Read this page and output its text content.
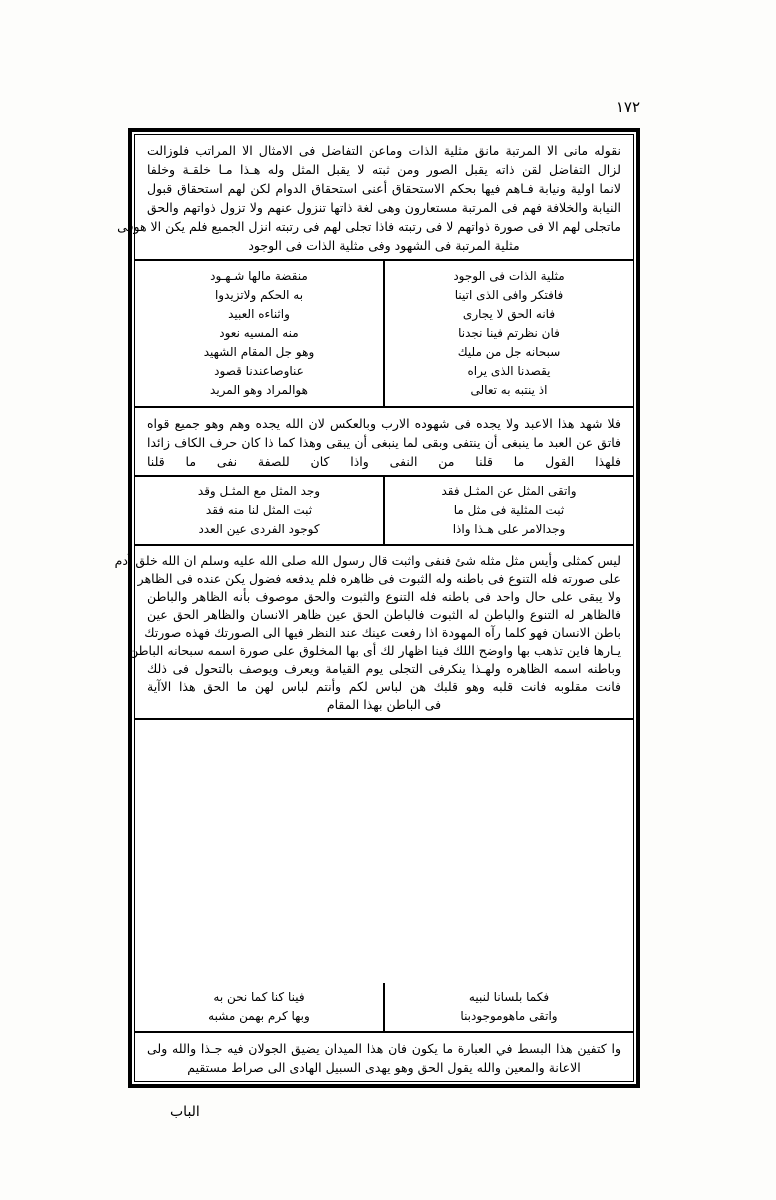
١٧٢
نقوله مانى الا المرتبة مانق مثلية الذات وماعن التفاضل فى الامثال الا المراتب فلوزالت
لزال التفاضل لقن ذاته يقبل الصور ومن ثبته لا يقبل المثل وله هـذا مـا خلقـة وخلفا
لانما اولية ونيابة فـاهم فيها بحكم الاستحقاق أعنى استحقاق الدوام لكن لهم استحقاق قبول
النيابة والخلافة فهم فى المرتبة مستعارون وهى لغة ذاتها تنزول عنهم ولا تزول ذواتهم والحق
ماتجلى لهم الا فى صورة ذواتهم لا فى رتبته فاذا تجلى لهم فى رتبته انزل الجميع فلم يكن الا هوفى
مثلية المرتبة فى الشهود وفى مثلية الذات فى الوجود
مثلية الذات فى الوجود
فافتكر وافى الذى اتينا
فانه الحق لا يجارى
فان نظرتم فينا نجدنا
سبحانه جل من مليك
يقصدنا الذى يراه
اذ ينتبه به تعالى
منقضة مالها شـهـود
به الحكم ولاتزيدوا
واثناءه العبيد
منه المسيه نعود
وهو جل المقام الشهيد
عناوصاعندنا قصود
هوالمراد وهو المريد
فلا شهد هذا الاعبد ولا يجده فى شهوده الارب وبالعكس لان الله يجده وهم وهو جميع قواه
فاتق عن العبد ما ينبغى أن ينتفى وبقى لما ينبغى أن يبقى وهذا كما ذا كان حرف الكاف زائدا
فلهذا القول ما قلنا من النفى واذا كان للصفة نفى ما قلنا
واتقى المثل عن المثـل فقد
ثبت المثلية فى مثل ما
وجدالامر على هـذا واذا
وجد المثل مع المثـل وقد
ثبت المثل لنا منه فقد
كوجود الفردى عين العدد
ليس كمثلى وأيس مثل مثله شئ فنفى واثبت قال رسول الله صلى الله عليه وسلم ان الله خلق آدم
على صورته فله التنوع فى باطنه وله الثبوت فى ظاهره فلم يدفعه فضول يكن عنده فى الظاهر
ولا يبقى على حال واحد فى باطنه فله التنوع والثبوت والحق موصوف بأنه الظاهر والباطن
فالظاهر له التنوع والباطن له الثبوت فالباطن الحق عين ظاهر الانسان والظاهر الحق عين
باطن الانسان فهو كلما رآه المهودة اذا رفعت عينك عند النظر فيها الى الصورتك فهذه صورتك
يـارها فاين تذهب بها واوضح اللك فينا اظهار لك أى بها المخلوق على صورة اسمه سبحانه الباطن
وباطنه اسمه الظاهره ولهـذا ينكرفى التجلى يوم القيامة ويعرف ويوصف بالتحول فى ذلك
فانت مقلوبه فانت قلبه وهو قلبك هن لباس لكم وأنتم لباس لهن ما الحق هذا الاآية
فى الباطن بهذا المقام
فكما بلسانا لنبيه
واتقى ماهوموجودبنا
فينا كنا كما نحن به
وبها كرم بهمن مشبه
وا كتفين هذا البسط في العبارة ما يكون فان هذا الميدان يضيق الجولان فيه جـذا والله ولى
الاعانة والمعين والله يقول الحق وهو يهدى السبيل الهادى الى صراط مستقيم
الباب
